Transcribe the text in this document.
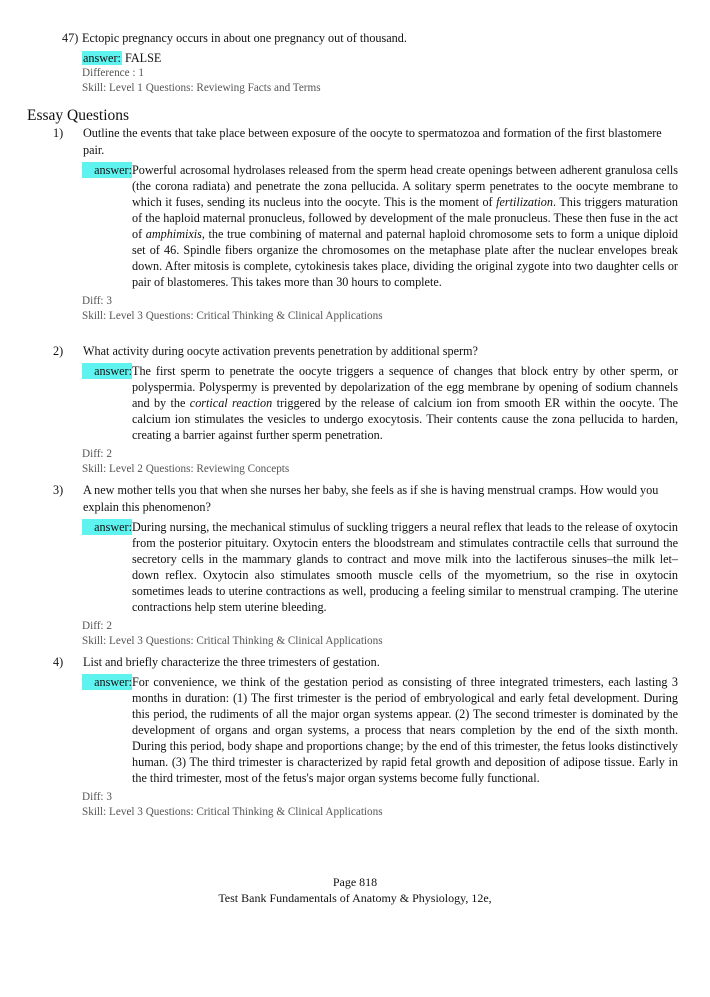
47) Ectopic pregnancy occurs in about one pregnancy out of thousand.
answer: FALSE
Difference : 1
Skill: Level 1 Questions: Reviewing Facts and Terms
Essay Questions
1) Outline the events that take place between exposure of the oocyte to spermatozoa and formation of the first blastomere pair.
answer: Powerful acrosomal hydrolases released from the sperm head create openings between adherent granulosa cells (the corona radiata) and penetrate the zona pellucida. A solitary sperm penetrates to the oocyte membrane to which it fuses, sending its nucleus into the oocyte. This is the moment of fertilization. This triggers maturation of the haploid maternal pronucleus, followed by development of the male pronucleus. These then fuse in the act of amphimixis, the true combining of maternal and paternal haploid chromosome sets to form a unique diploid set of 46. Spindle fibers organize the chromosomes on the metaphase plate after the nuclear envelopes break down. After mitosis is complete, cytokinesis takes place, dividing the original zygote into two daughter cells or pair of blastomeres. This takes more than 30 hours to complete.
Diff: 3
Skill: Level 3 Questions: Critical Thinking & Clinical Applications
2) What activity during oocyte activation prevents penetration by additional sperm?
answer: The first sperm to penetrate the oocyte triggers a sequence of changes that block entry by other sperm, or polyspermia. Polyspermy is prevented by depolarization of the egg membrane by opening of sodium channels and by the cortical reaction triggered by the release of calcium ion from smooth ER within the oocyte. The calcium ion stimulates the vesicles to undergo exocytosis. Their contents cause the zona pellucida to harden, creating a barrier against further sperm penetration.
Diff: 2
Skill: Level 2 Questions: Reviewing Concepts
3) A new mother tells you that when she nurses her baby, she feels as if she is having menstrual cramps. How would you explain this phenomenon?
answer: During nursing, the mechanical stimulus of suckling triggers a neural reflex that leads to the release of oxytocin from the posterior pituitary. Oxytocin enters the bloodstream and stimulates contractile cells that surround the secretory cells in the mammary glands to contract and move milk into the lactiferous sinuses–the milk let–down reflex. Oxytocin also stimulates smooth muscle cells of the myometrium, so the rise in oxytocin sometimes leads to uterine contractions as well, producing a feeling similar to menstrual cramping. The uterine contractions help stem uterine bleeding.
Diff: 2
Skill: Level 3 Questions: Critical Thinking & Clinical Applications
4) List and briefly characterize the three trimesters of gestation.
answer: For convenience, we think of the gestation period as consisting of three integrated trimesters, each lasting 3 months in duration: (1) The first trimester is the period of embryological and early fetal development. During this period, the rudiments of all the major organ systems appear. (2) The second trimester is dominated by the development of organs and organ systems, a process that nears completion by the end of the sixth month. During this period, body shape and proportions change; by the end of this trimester, the fetus looks distinctively human. (3) The third trimester is characterized by rapid fetal growth and deposition of adipose tissue. Early in the third trimester, most of the fetus's major organ systems become fully functional.
Diff: 3
Skill: Level 3 Questions: Critical Thinking & Clinical Applications
Page 818
Test Bank Fundamentals of Anatomy & Physiology, 12e,
